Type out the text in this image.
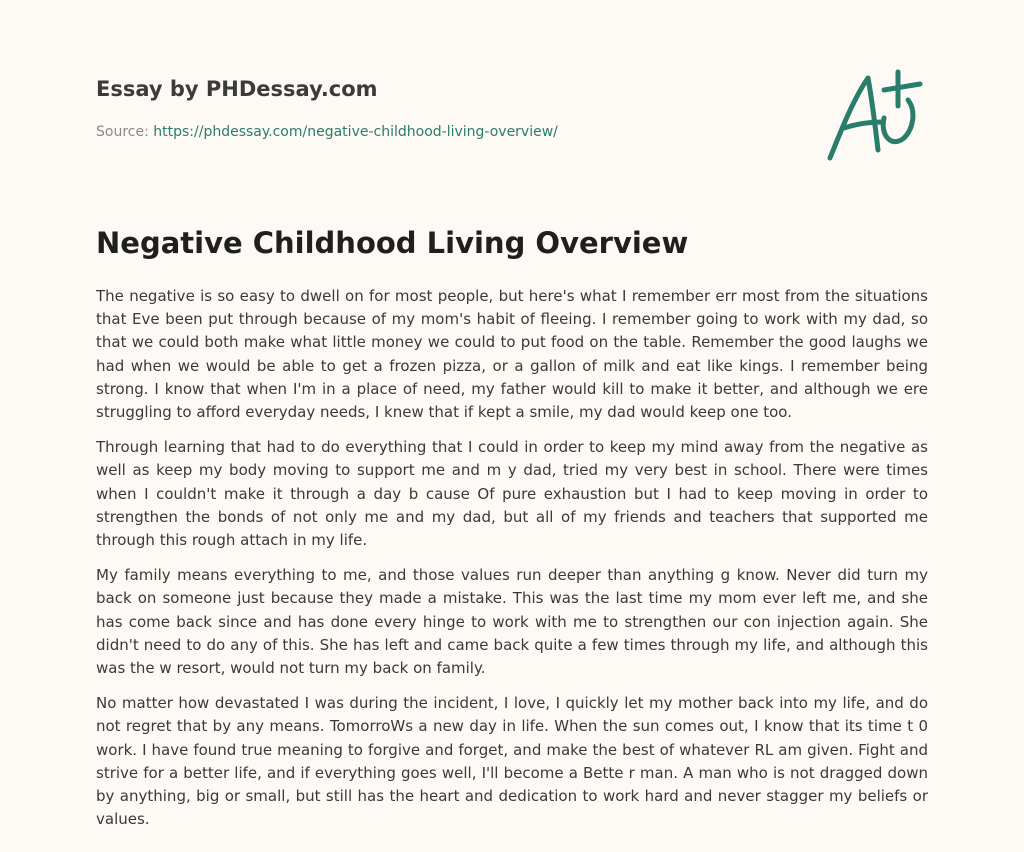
Essay by PHDessay.com
Source: https://phdessay.com/negative-childhood-living-overview/
Negative Childhood Living Overview

The negative is so easy to dwell on for most people, but here's what I remember err most from the situations that Eve been put through because of my mom's habit of fleeing. I remember going to work with my dad, so that we could both make what little money we could to put food on the table. Remember the good laughs we had when we would be able to get a frozen pizza, or a gallon of milk and eat like kings. I remember being strong. I know that when I'm in a place of need, my father would kill to make it better, and although we ere struggling to afford everyday needs, I knew that if kept a smile, my dad would keep one too.

Through learning that had to do everything that I could in order to keep my mind away from the negative as well as keep my body moving to support me and m y dad, tried my very best in school. There were times when I couldn't make it through a day b cause Of pure exhaustion but I had to keep moving in order to strengthen the bonds of not only me and my dad, but all of my friends and teachers that supported me through this rough attach in my life.

My family means everything to me, and those values run deeper than anything g know. Never did turn my back on someone just because they made a mistake. This was the last time my mom ever left me, and she has come back since and has done every hinge to work with me to strengthen our con injection again. She didn't need to do any of this. She has left and came back quite a few times through my life, and although this was the w resort, would not turn my back on family.

No matter how devastated I was during the incident, I love, I quickly let my mother back into my life, and do not regret that by any means. TomorroWs a new day in life. When the sun comes out, I know that its time t 0 work. I have found true meaning to forgive and forget, and make the best of whatever RL am given. Fight and strive for a better life, and if everything goes well, I'll become a Bette r man. A man who is not dragged down by anything, big or small, but still has the heart and dedication to work hard and never stagger my beliefs or values.
